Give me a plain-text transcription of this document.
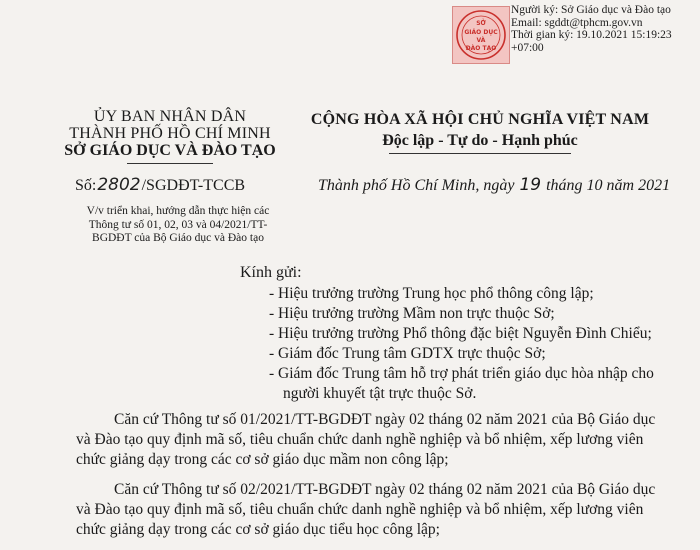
SỞ
GIÁO DỤC
VÀ
ĐÀO TẠO
Người ký: Sở Giáo dục và Đào tạo
Email: sgddt@tphcm.gov.vn
Thời gian ký: 19.10.2021 15:19:23
+07:00
ỦY BAN NHÂN DÂN
THÀNH PHỐ HỒ CHÍ MINH
SỞ GIÁO DỤC VÀ ĐÀO TẠO
CỘNG HÒA XÃ HỘI CHỦ NGHĨA VIỆT NAM
Độc lập - Tự do - Hạnh phúc
Số:2802/SGDĐT-TCCB	Thành phố Hồ Chí Minh, ngày 19 tháng 10 năm 2021
V/v triển khai, hướng dẫn thực hiện các
Thông tư số 01, 02, 03 và 04/2021/TT-
BGDĐT của Bộ Giáo dục và Đào tạo
Kính gửi:
- Hiệu trưởng trường Trung học phổ thông công lập;
- Hiệu trưởng trường Mầm non trực thuộc Sở;
- Hiệu trưởng trường Phổ thông đặc biệt Nguyễn Đình Chiểu;
- Giám đốc Trung tâm GDTX trực thuộc Sở;
- Giám đốc Trung tâm hỗ trợ phát triển giáo dục hòa nhập cho
người khuyết tật trực thuộc Sở.

Căn cứ Thông tư số 01/2021/TT-BGDĐT ngày 02 tháng 02 năm 2021 của Bộ Giáo dục
và Đào tạo quy định mã số, tiêu chuẩn chức danh nghề nghiệp và bổ nhiệm, xếp lương viên
chức giảng dạy trong các cơ sở giáo dục mầm non công lập;

Căn cứ Thông tư số 02/2021/TT-BGDĐT ngày 02 tháng 02 năm 2021 của Bộ Giáo dục
và Đào tạo quy định mã số, tiêu chuẩn chức danh nghề nghiệp và bổ nhiệm, xếp lương viên
chức giảng dạy trong các cơ sở giáo dục tiểu học công lập;
